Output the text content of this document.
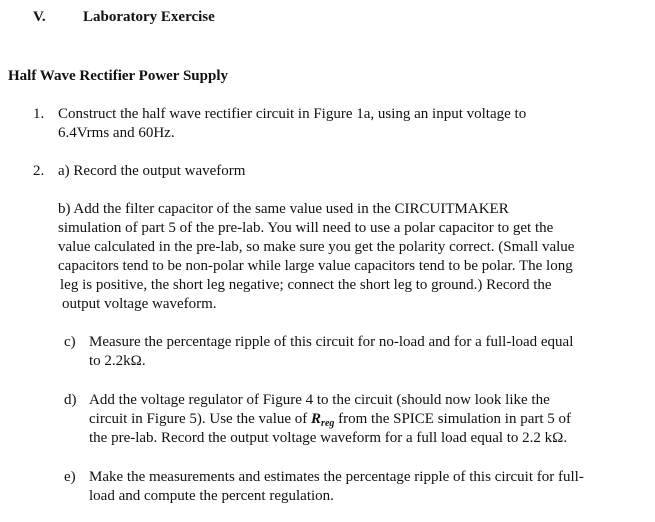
V. Laboratory Exercise
Half Wave Rectifier Power Supply
1. Construct the half wave rectifier circuit in Figure 1a, using an input voltage to
6.4Vrms and 60Hz.
2. a) Record the output waveform
b) Add the filter capacitor of the same value used in the CIRCUITMAKER
simulation of part 5 of the pre-lab. You will need to use a polar capacitor to get the
value calculated in the pre-lab, so make sure you get the polarity correct. (Small value
capacitors tend to be non-polar while large value capacitors tend to be polar. The long
leg is positive, the short leg negative; connect the short leg to ground.) Record the
output voltage waveform.
c) Measure the percentage ripple of this circuit for no-load and for a full-load equal
to 2.2kΩ.
d) Add the voltage regulator of Figure 4 to the circuit (should now look like the
circuit in Figure 5). Use the value of $R_{reg}$ from the SPICE simulation in part 5 of
the pre-lab. Record the output voltage waveform for a full load equal to 2.2 kΩ.
e) Make the measurements and estimates the percentage ripple of this circuit for full-
load and compute the percent regulation.
